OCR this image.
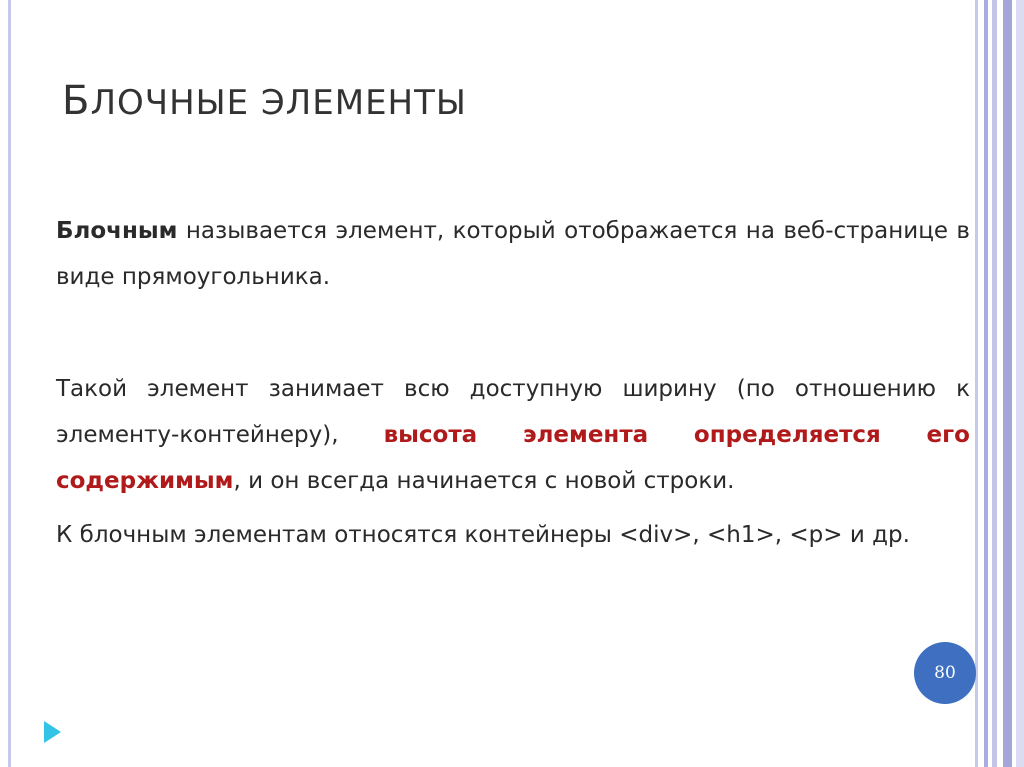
БЛОЧНЫЕ ЭЛЕМЕНТЫ

Блочным называется элемент, который отображается на веб-странице в виде прямоугольника.

Такой элемент занимает всю доступную ширину (по отношению к элементу-контейнеру), высота элемента определяется его содержимым, и он всегда начинается с новой строки.

К блочным элементам относятся контейнеры <div>, <h1>, <p> и др.

80
